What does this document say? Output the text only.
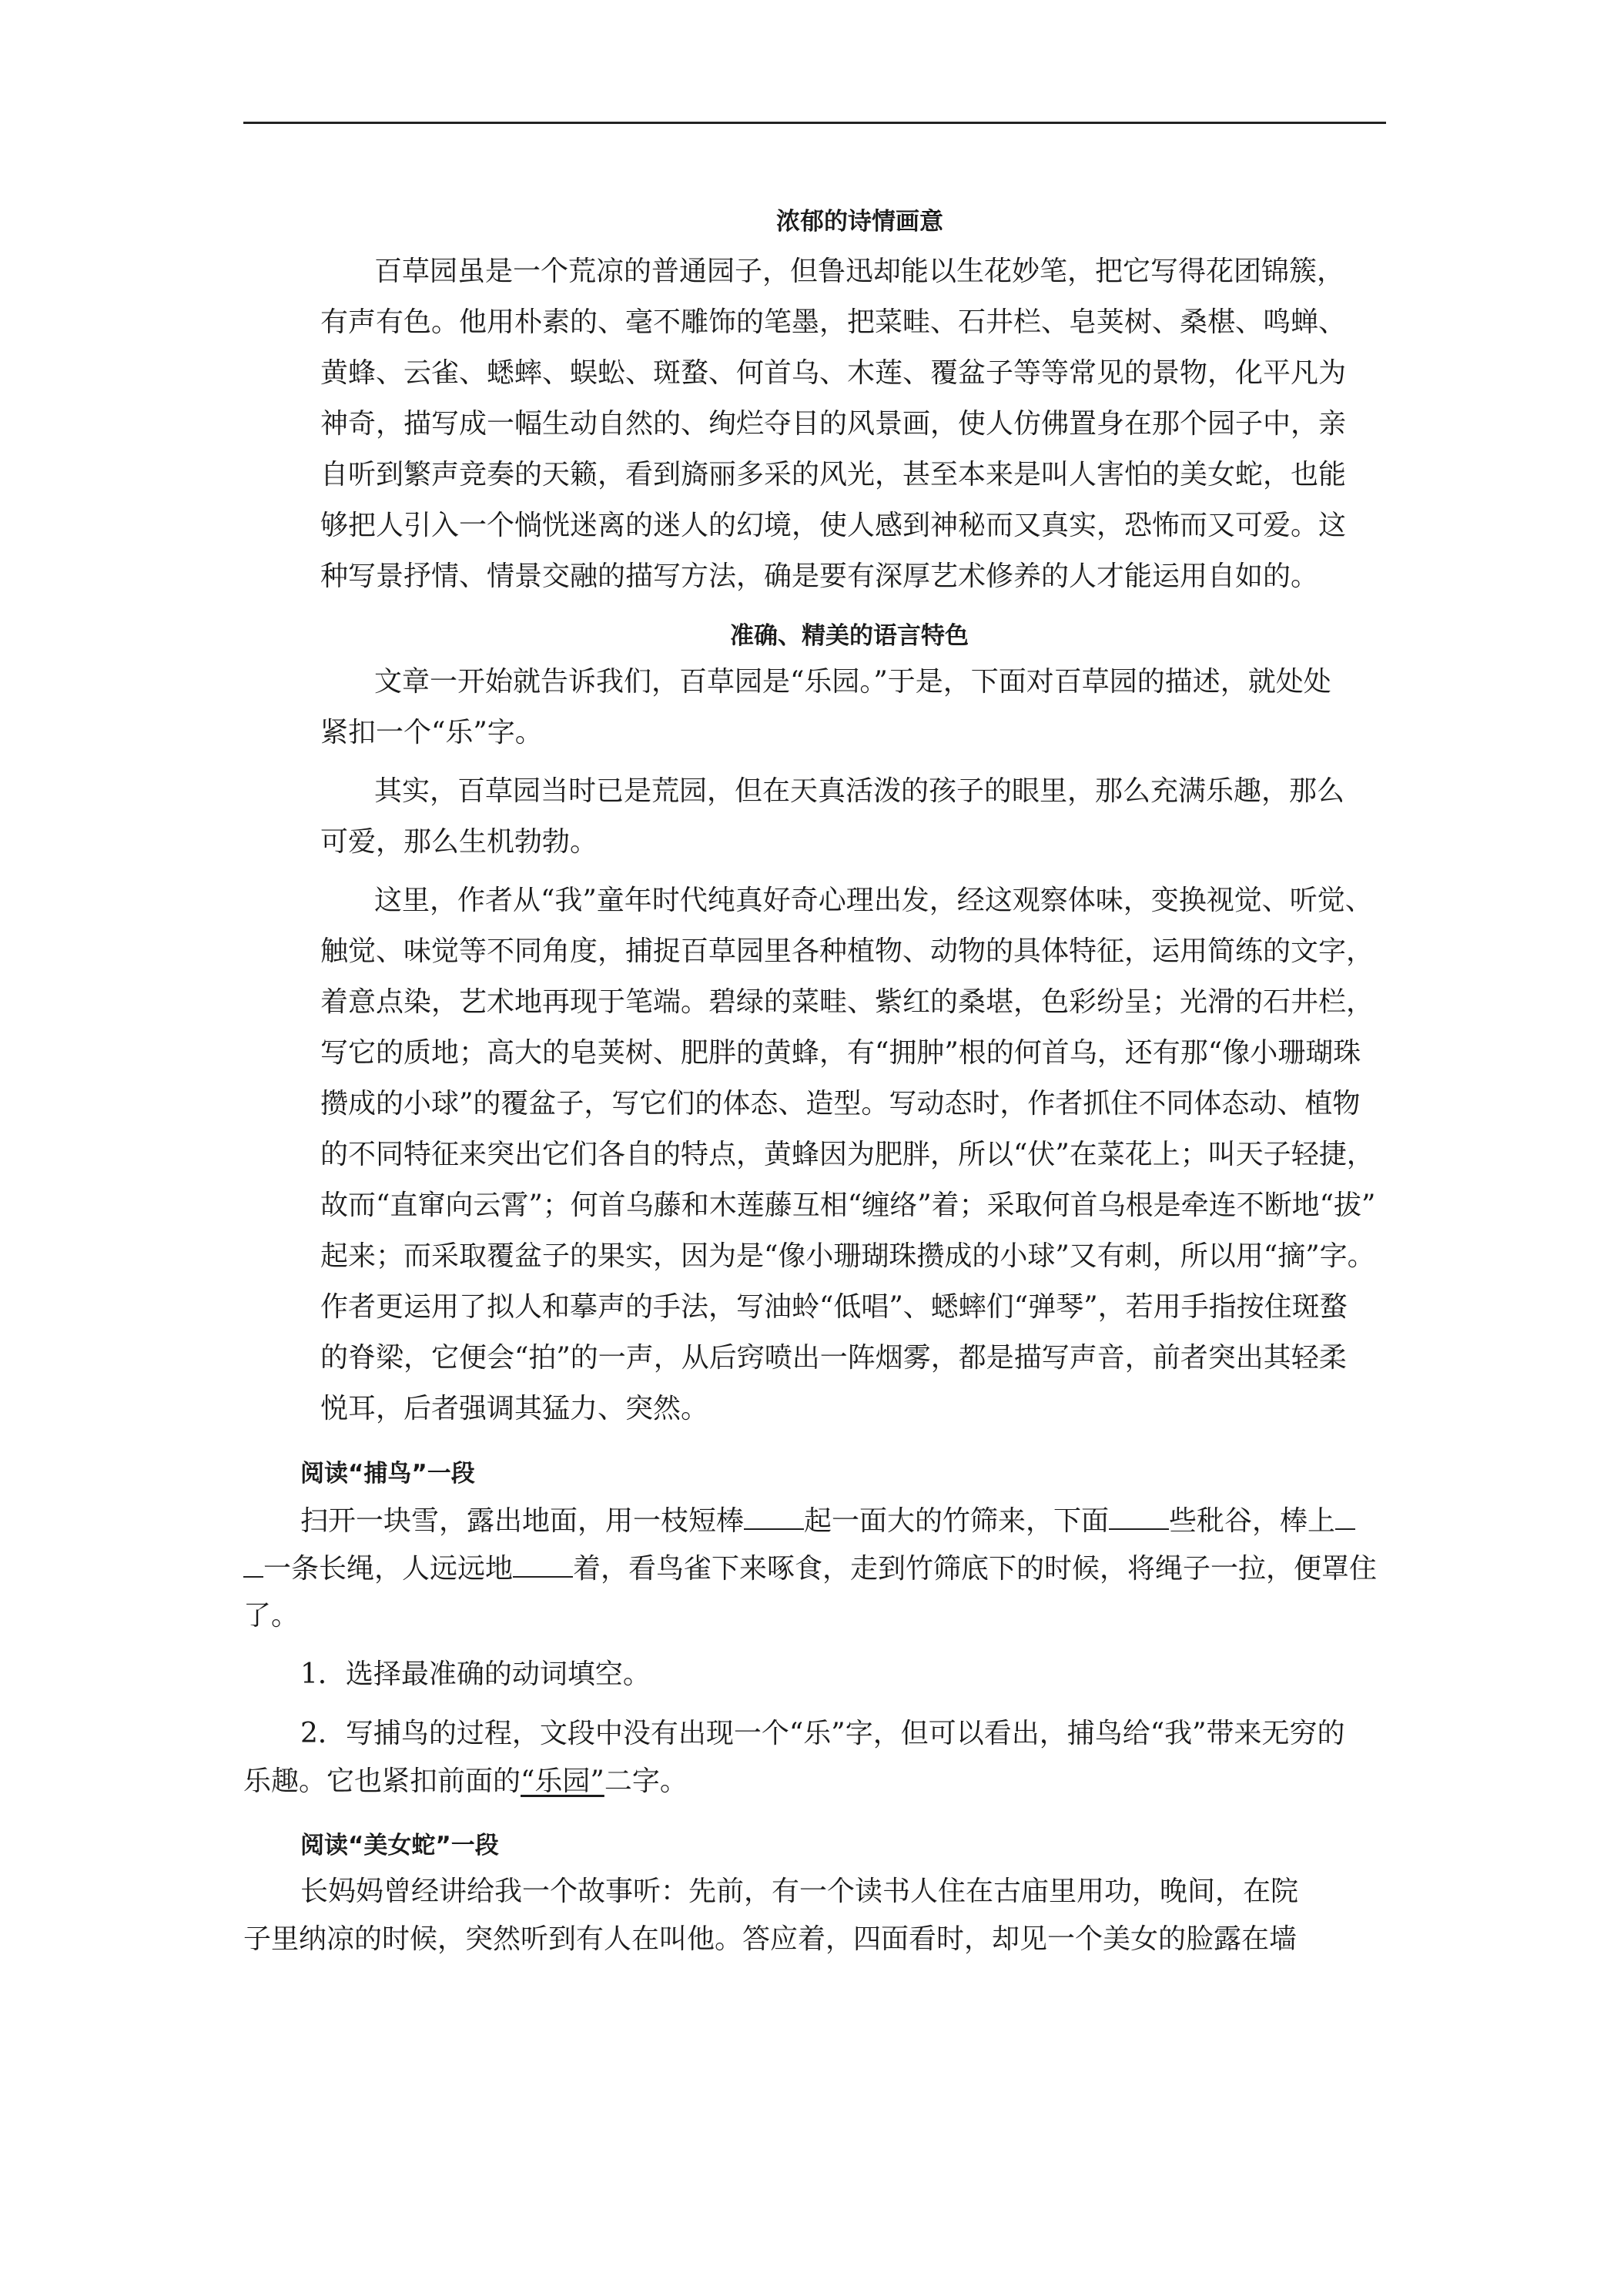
浓郁的诗情画意
百草园虽是一个荒凉的普通园子，但鲁迅却能以生花妙笔，把它写得花团锦簇，
有声有色。他用朴素的、毫不雕饰的笔墨，把菜畦、石井栏、皂荚树、桑椹、鸣蝉、
黄蜂、云雀、蟋蟀、蜈蚣、斑蝥、何首乌、木莲、覆盆子等等常见的景物，化平凡为
神奇，描写成一幅生动自然的、绚烂夺目的风景画，使人仿佛置身在那个园子中，亲
自听到繁声竞奏的天籁，看到旖丽多采的风光，甚至本来是叫人害怕的美女蛇，也能
够把人引入一个惝恍迷离的迷人的幻境，使人感到神秘而又真实，恐怖而又可爱。这
种写景抒情、情景交融的描写方法，确是要有深厚艺术修养的人才能运用自如的。
准确、精美的语言特色
文章一开始就告诉我们，百草园是“乐园。”于是，下面对百草园的描述，就处处
紧扣一个“乐”字。
其实，百草园当时已是荒园，但在天真活泼的孩子的眼里，那么充满乐趣，那么
可爱，那么生机勃勃。
这里，作者从“我”童年时代纯真好奇心理出发，经这观察体味，变换视觉、听觉、
触觉、味觉等不同角度，捕捉百草园里各种植物、动物的具体特征，运用简练的文字，
着意点染，艺术地再现于笔端。碧绿的菜畦、紫红的桑堪，色彩纷呈；光滑的石井栏，
写它的质地；高大的皂荚树、肥胖的黄蜂，有“拥肿”根的何首乌，还有那“像小珊瑚珠
攒成的小球”的覆盆子，写它们的体态、造型。写动态时，作者抓住不同体态动、植物
的不同特征来突出它们各自的特点，黄蜂因为肥胖，所以“伏”在菜花上；叫天子轻捷，
故而“直窜向云霄”；何首乌藤和木莲藤互相“缠络”着；采取何首乌根是牵连不断地“拔”
起来；而采取覆盆子的果实，因为是“像小珊瑚珠攒成的小球”又有刺，所以用“摘”字。
作者更运用了拟人和摹声的手法，写油蛉“低唱”、蟋蟀们“弹琴”，若用手指按住斑蝥
的脊梁，它便会“拍”的一声，从后窍喷出一阵烟雾，都是描写声音，前者突出其轻柔
悦耳，后者强调其猛力、突然。
阅读“捕鸟”一段
扫开一块雪，露出地面，用一枝短棒 起一面大的竹筛来，下面 些秕谷，棒上
一条长绳，人远远地 着，看鸟雀下来啄食，走到竹筛底下的时候，将绳子一拉，便罩住
了。
1．选择最准确的动词填空。
2．写捕鸟的过程，文段中没有出现一个“乐”字，但可以看出，捕鸟给“我”带来无穷的
乐趣。它也紧扣前面的“乐园”二字。
阅读“美女蛇”一段
长妈妈曾经讲给我一个故事听：先前，有一个读书人住在古庙里用功，晚间，在院
子里纳凉的时候，突然听到有人在叫他。答应着，四面看时，却见一个美女的脸露在墙
